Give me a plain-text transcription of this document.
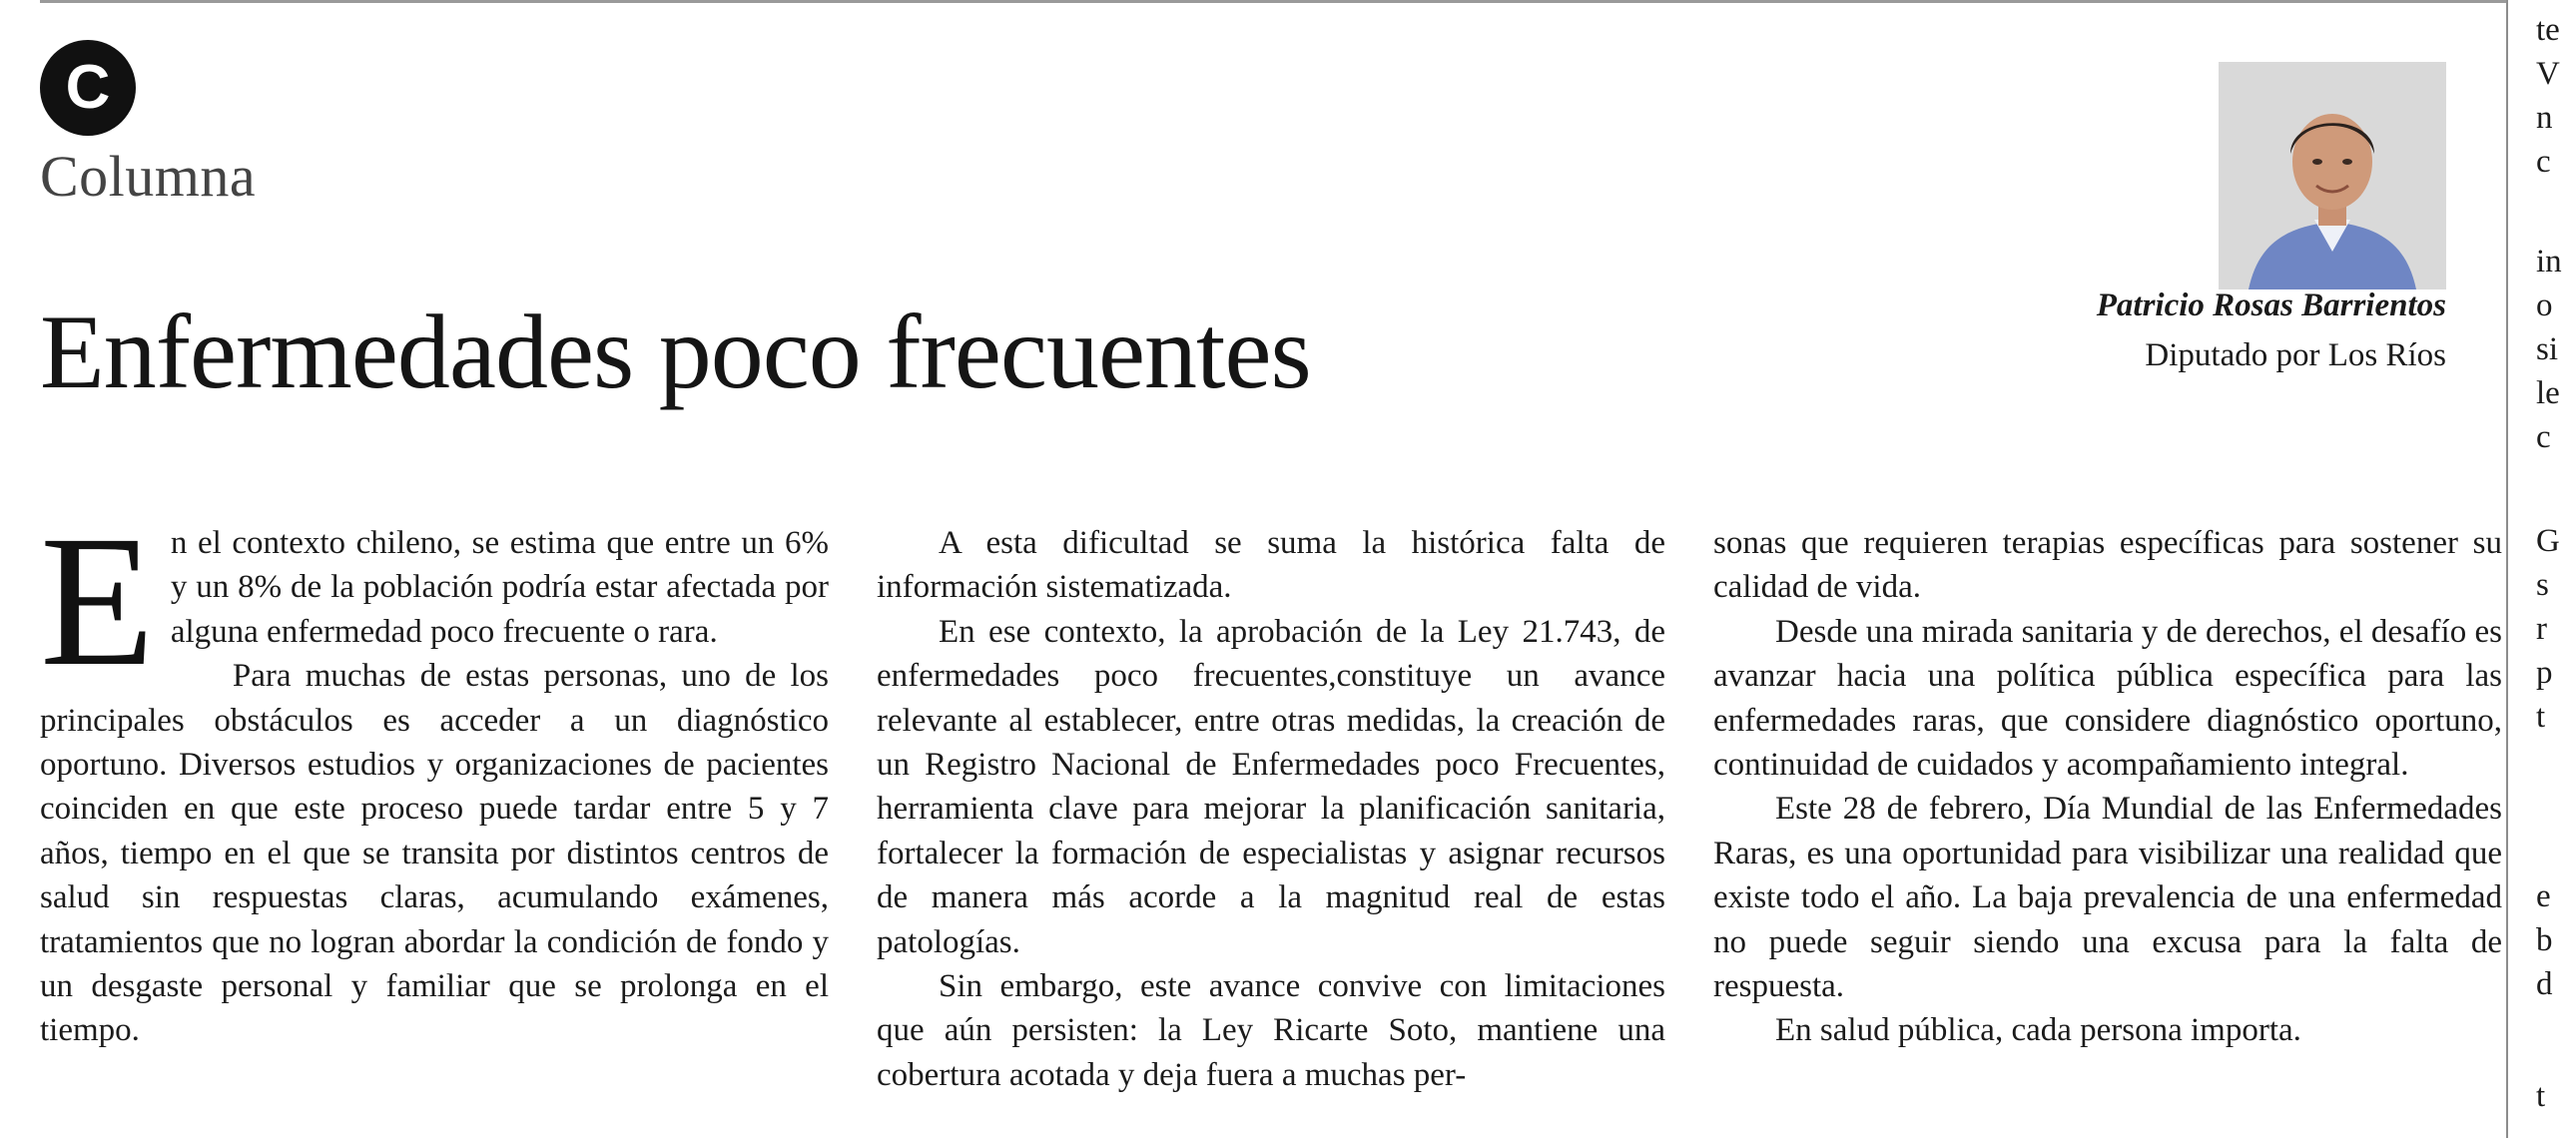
C
Columna
Enfermedades poco frecuentes	Patricio Rosas Barrientos
Diputado por Los Ríos
E n el contexto chileno, se estima que entre un 6% y un 8% de la población podría estar afectada por alguna enfermedad poco frecuente o rara.

Para muchas de estas personas, uno de los principales obstáculos es acceder a un diagnóstico oportuno. Diversos estudios y organizaciones de pacientes coinciden en que este proceso puede tardar entre 5 y 7 años, tiempo en el que se transita por distintos centros de salud sin respuestas claras, acumulando exámenes, tratamientos que no logran abordar la condición de fondo y un desgaste personal y familiar que se prolonga en el tiempo.

A esta dificultad se suma la histórica falta de información sistematizada.

En ese contexto, la aprobación de la Ley 21.743, de enfermedades poco frecuentes,constituye un avance relevante al establecer, entre otras medidas, la creación de un Registro Nacional de Enfermedades poco Frecuentes, herramienta clave para mejorar la planificación sanitaria, fortalecer la formación de especialistas y asignar recursos de manera más acorde a la magnitud real de estas patologías.

Sin embargo, este avance convive con limitaciones que aún persisten: la Ley Ricarte Soto, mantiene una cobertura acotada y deja fuera a muchas per-

sonas que requieren terapias específicas para sostener su calidad de vida.

Desde una mirada sanitaria y de derechos, el desafío es avanzar hacia una política pública específica para las enfermedades raras, que considere diagnóstico oportuno, continuidad de cuidados y acompañamiento integral.

Este 28 de febrero, Día Mundial de las Enfermedades Raras, es una oportunidad para visibilizar una realidad que existe todo el año. La baja prevalencia de una enfermedad no puede seguir siendo una excusa para la falta de respuesta.

En salud pública, cada persona importa.

te
V
n
c
in
o
si
le
c
G
s
r
p
t
e
b
d
t
